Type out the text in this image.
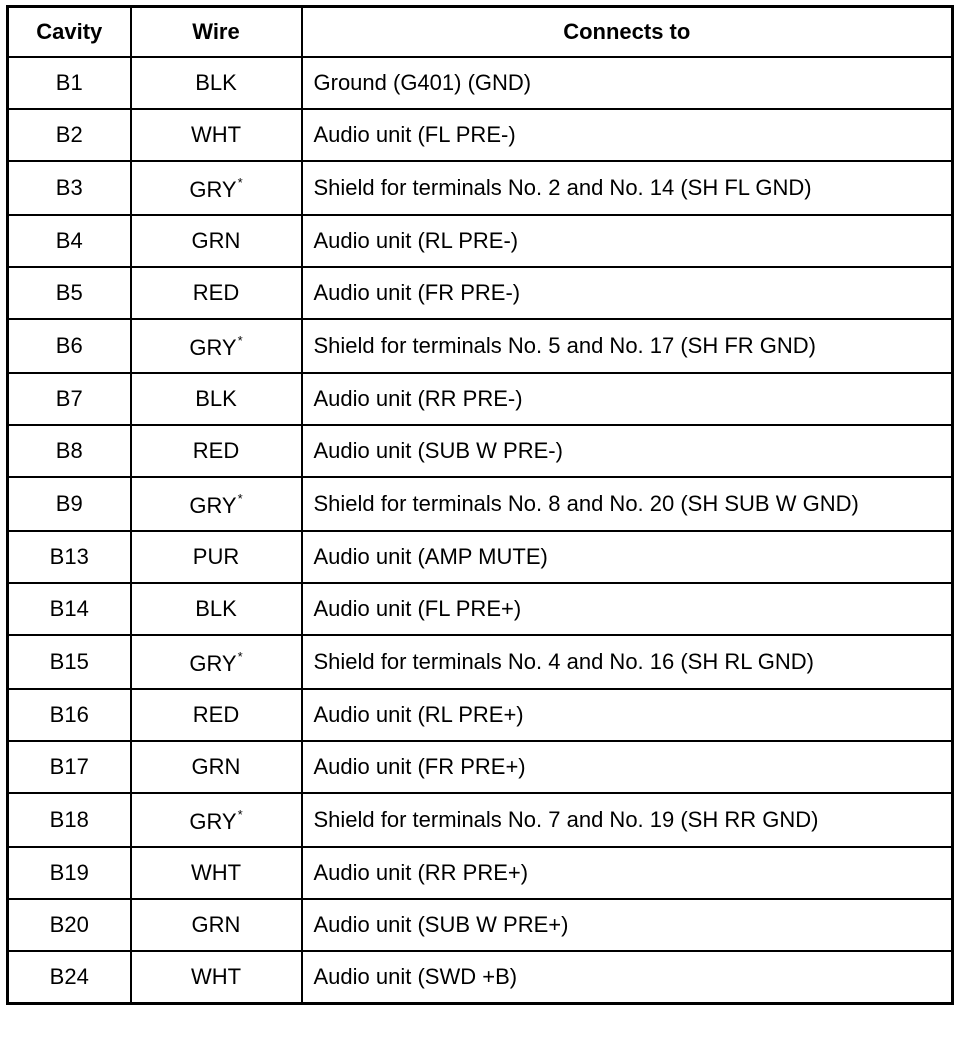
Cavity	Wire	Connects to
B1	BLK	Ground (G401) (GND)
B2	WHT	Audio unit (FL PRE-)
B3	GRY*	Shield for terminals No. 2 and No. 14 (SH FL GND)
B4	GRN	Audio unit (RL PRE-)
B5	RED	Audio unit (FR PRE-)
B6	GRY*	Shield for terminals No. 5 and No. 17 (SH FR GND)
B7	BLK	Audio unit (RR PRE-)
B8	RED	Audio unit (SUB W PRE-)
B9	GRY*	Shield for terminals No. 8 and No. 20 (SH SUB W GND)
B13	PUR	Audio unit (AMP MUTE)
B14	BLK	Audio unit (FL PRE+)
B15	GRY*	Shield for terminals No. 4 and No. 16 (SH RL GND)
B16	RED	Audio unit (RL PRE+)
B17	GRN	Audio unit (FR PRE+)
B18	GRY*	Shield for terminals No. 7 and No. 19 (SH RR GND)
B19	WHT	Audio unit (RR PRE+)
B20	GRN	Audio unit (SUB W PRE+)
B24	WHT	Audio unit (SWD +B)
